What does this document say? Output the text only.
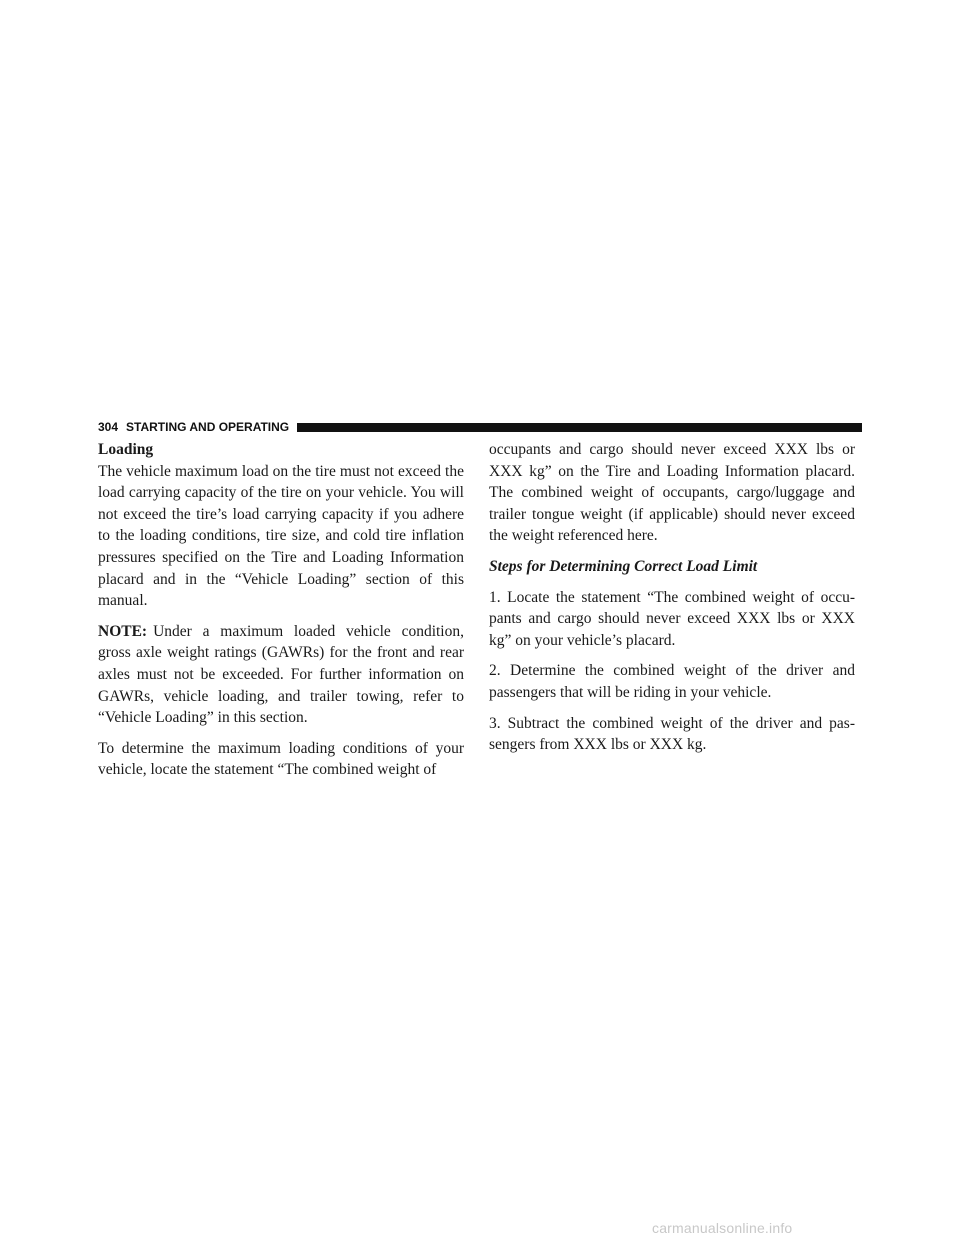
304 STARTING AND OPERATING
Loading

The vehicle maximum load on the tire must not exceed the load carrying capacity of the tire on your vehicle. You will not exceed the tire’s load carrying capacity if you adhere to the loading conditions, tire size, and cold tire inflation pressures specified on the Tire and Loading Information placard and in the “Vehicle Loading” section of this manual.

NOTE: Under a maximum loaded vehicle condition, gross axle weight ratings (GAWRs) for the front and rear axles must not be exceeded. For further information on GAWRs, vehicle loading, and trailer towing, refer to “Vehicle Loading” in this section.

To determine the maximum loading conditions of your vehicle, locate the statement “The combined weight of

occupants and cargo should never exceed XXX lbs or XXX kg” on the Tire and Loading Information placard. The combined weight of occupants, cargo/luggage and trailer tongue weight (if applicable) should never exceed the weight referenced here.

Steps for Determining Correct Load Limit

1. Locate the statement “The combined weight of occu-pants and cargo should never exceed XXX lbs or XXX kg” on your vehicle’s placard.

2. Determine the combined weight of the driver and passengers that will be riding in your vehicle.

3. Subtract the combined weight of the driver and pas-sengers from XXX lbs or XXX kg.

carmanualsonline.info
